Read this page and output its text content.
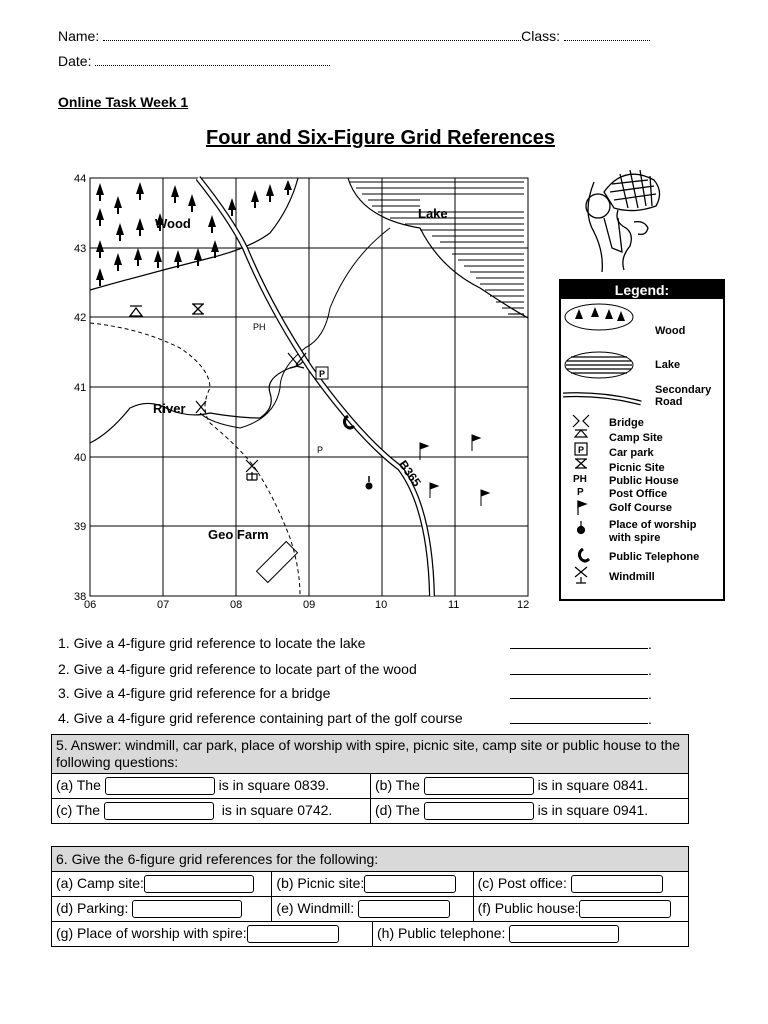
Name:	Class:
Date:
Online Task Week 1
Four and Six-Figure Grid References
06	07	08	09	10	11	12
38
39
40
41
42
43
44
Wood
Lake
River
B365
PH
P
P
Geo Farm
Legend:
Wood
Lake
Secondary
Road
P
PH
P
Bridge
Camp Site
Car park
Picnic Site
Public House
Post Office
Golf Course
Place of worship
with spire
Public Telephone
Windmill
1. Give a 4-figure grid reference to locate the lake	.
2. Give a 4-figure grid reference to locate part of the wood	.
3. Give a 4-figure grid reference for a bridge	.
4. Give a 4-figure grid reference containing part of the golf course	.
5. Answer: windmill, car park, place of worship with spire, picnic site, camp site or public house to the following questions:	
(a) The is in square 0839.	(b) The is in square 0841.
(c) The is in square 0742.	(d) The is in square 0941.
6. Give the 6-figure grid references for the following:			
(a) Camp site:	(b) Picnic site:		(c) Post office:
(d) Parking:	(e) Windmill:		(f) Public house:
(g) Place of worship with spire:		(h) Public telephone:	
